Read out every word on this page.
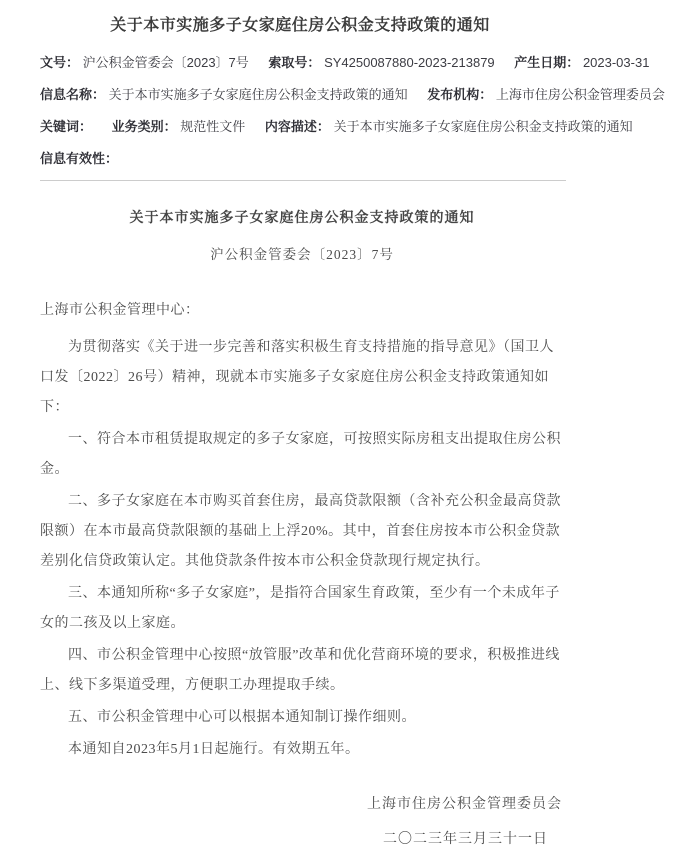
关于本市实施多子女家庭住房公积金支持政策的通知
文号： 沪公积金管委会〔2023〕7号 索取号： SY4250087880-2023-213879 产生日期： 2023-03-31
信息名称： 关于本市实施多子女家庭住房公积金支持政策的通知 发布机构： 上海市住房公积金管理委员会
关键词： 业务类别： 规范性文件 内容描述： 关于本市实施多子女家庭住房公积金支持政策的通知
信息有效性：
关于本市实施多子女家庭住房公积金支持政策的通知

沪公积金管委会〔2023〕7号

上海市公积金管理中心：

为贯彻落实《关于进一步完善和落实积极生育支持措施的指导意见》（国卫人口发〔2022〕26号）精神，现就本市实施多子女家庭住房公积金支持政策通知如下：

一、符合本市租赁提取规定的多子女家庭，可按照实际房租支出提取住房公积金。

二、多子女家庭在本市购买首套住房，最高贷款限额（含补充公积金最高贷款限额）在本市最高贷款限额的基础上上浮20%。其中，首套住房按本市公积金贷款差别化信贷政策认定。其他贷款条件按本市公积金贷款现行规定执行。

三、本通知所称“多子女家庭”，是指符合国家生育政策，至少有一个未成年子女的二孩及以上家庭。

四、市公积金管理中心按照“放管服”改革和优化营商环境的要求，积极推进线上、线下多渠道受理，方便职工办理提取手续。

五、市公积金管理中心可以根据本通知制订操作细则。

本通知自2023年5月1日起施行。有效期五年。

上海市住房公积金管理委员会

二〇二三年三月三十一日
